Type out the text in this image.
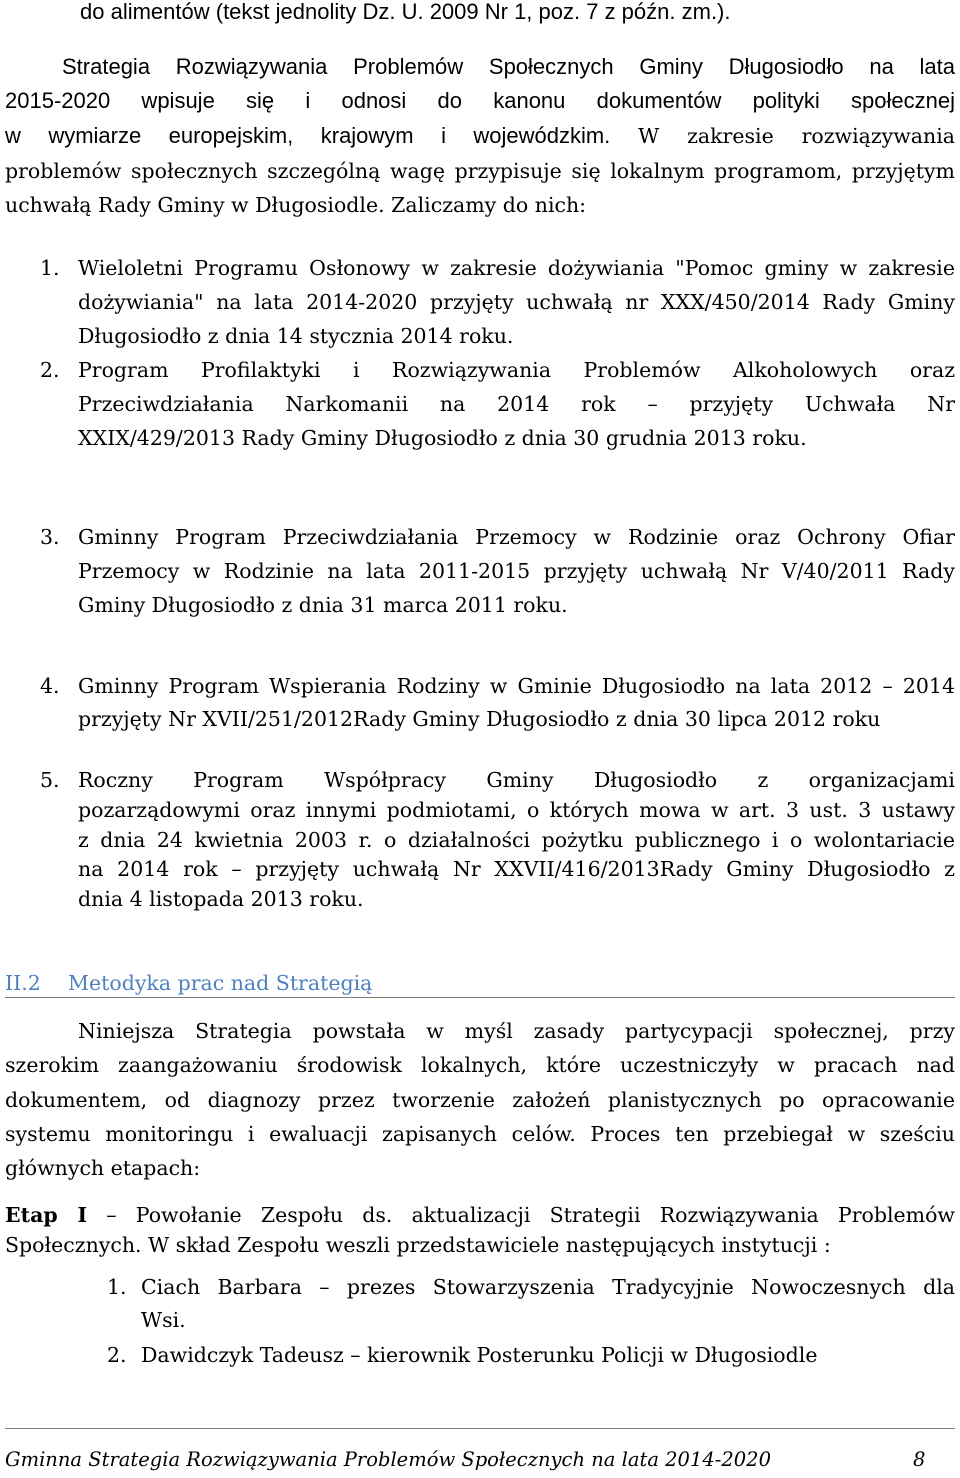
do alimentów (tekst jednolity Dz. U. 2009 Nr 1, poz. 7 z późn. zm.).
Strategia Rozwiązywania Problemów Społecznych Gminy Długosiodło na lata
2015-2020 wpisuje się i odnosi do kanonu dokumentów polityki społecznej
w wymiarze europejskim, krajowym i wojewódzkim. W zakresie rozwiązywania
problemów społecznych szczególną wagę przypisuje się lokalnym programom, przyjętym
uchwałą Rady Gminy w Długosiodle. Zaliczamy do nich:
1. Wieloletni Programu Osłonowy w zakresie dożywiania "Pomoc gminy w zakresie
dożywiania" na lata 2014-2020 przyjęty uchwałą nr XXX/450/2014 Rady Gminy
Długosiodło z dnia 14 stycznia 2014 roku.
2. Program Profilaktyki i Rozwiązywania Problemów Alkoholowych oraz
Przeciwdziałania Narkomanii na 2014 rok – przyjęty Uchwała Nr
XXIX/429/2013 Rady Gminy Długosiodło z dnia 30 grudnia 2013 roku.
3. Gminny Program Przeciwdziałania Przemocy w Rodzinie oraz Ochrony Ofiar
Przemocy w Rodzinie na lata 2011-2015 przyjęty uchwałą Nr V/40/2011 Rady
Gminy Długosiodło z dnia 31 marca 2011 roku.
4. Gminny Program Wspierania Rodziny w Gminie Długosiodło na lata 2012 – 2014
przyjęty Nr XVII/251/2012Rady Gminy Długosiodło z dnia 30 lipca 2012 roku
5. Roczny Program Współpracy Gminy Długosiodło z organizacjami
pozarządowymi oraz innymi podmiotami, o których mowa w art. 3 ust. 3 ustawy
z dnia 24 kwietnia 2003 r. o działalności pożytku publicznego i o wolontariacie
na 2014 rok – przyjęty uchwałą Nr XXVII/416/2013Rady Gminy Długosiodło z
dnia 4 listopada 2013 roku.
II.2 Metodyka prac nad Strategią
Niniejsza Strategia powstała w myśl zasady partycypacji społecznej, przy
szerokim zaangażowaniu środowisk lokalnych, które uczestniczyły w pracach nad
dokumentem, od diagnozy przez tworzenie założeń planistycznych po opracowanie
systemu monitoringu i ewaluacji zapisanych celów. Proces ten przebiegał w sześciu
głównych etapach:
Etap I – Powołanie Zespołu ds. aktualizacji Strategii Rozwiązywania Problemów
Społecznych. W skład Zespołu weszli przedstawiciele następujących instytucji :
1. Ciach Barbara – prezes Stowarzyszenia Tradycyjnie Nowoczesnych dla
Wsi.
2. Dawidczyk Tadeusz – kierownik Posterunku Policji w Długosiodle
Gminna Strategia Rozwiązywania Problemów Społecznych na lata 2014-2020	8
